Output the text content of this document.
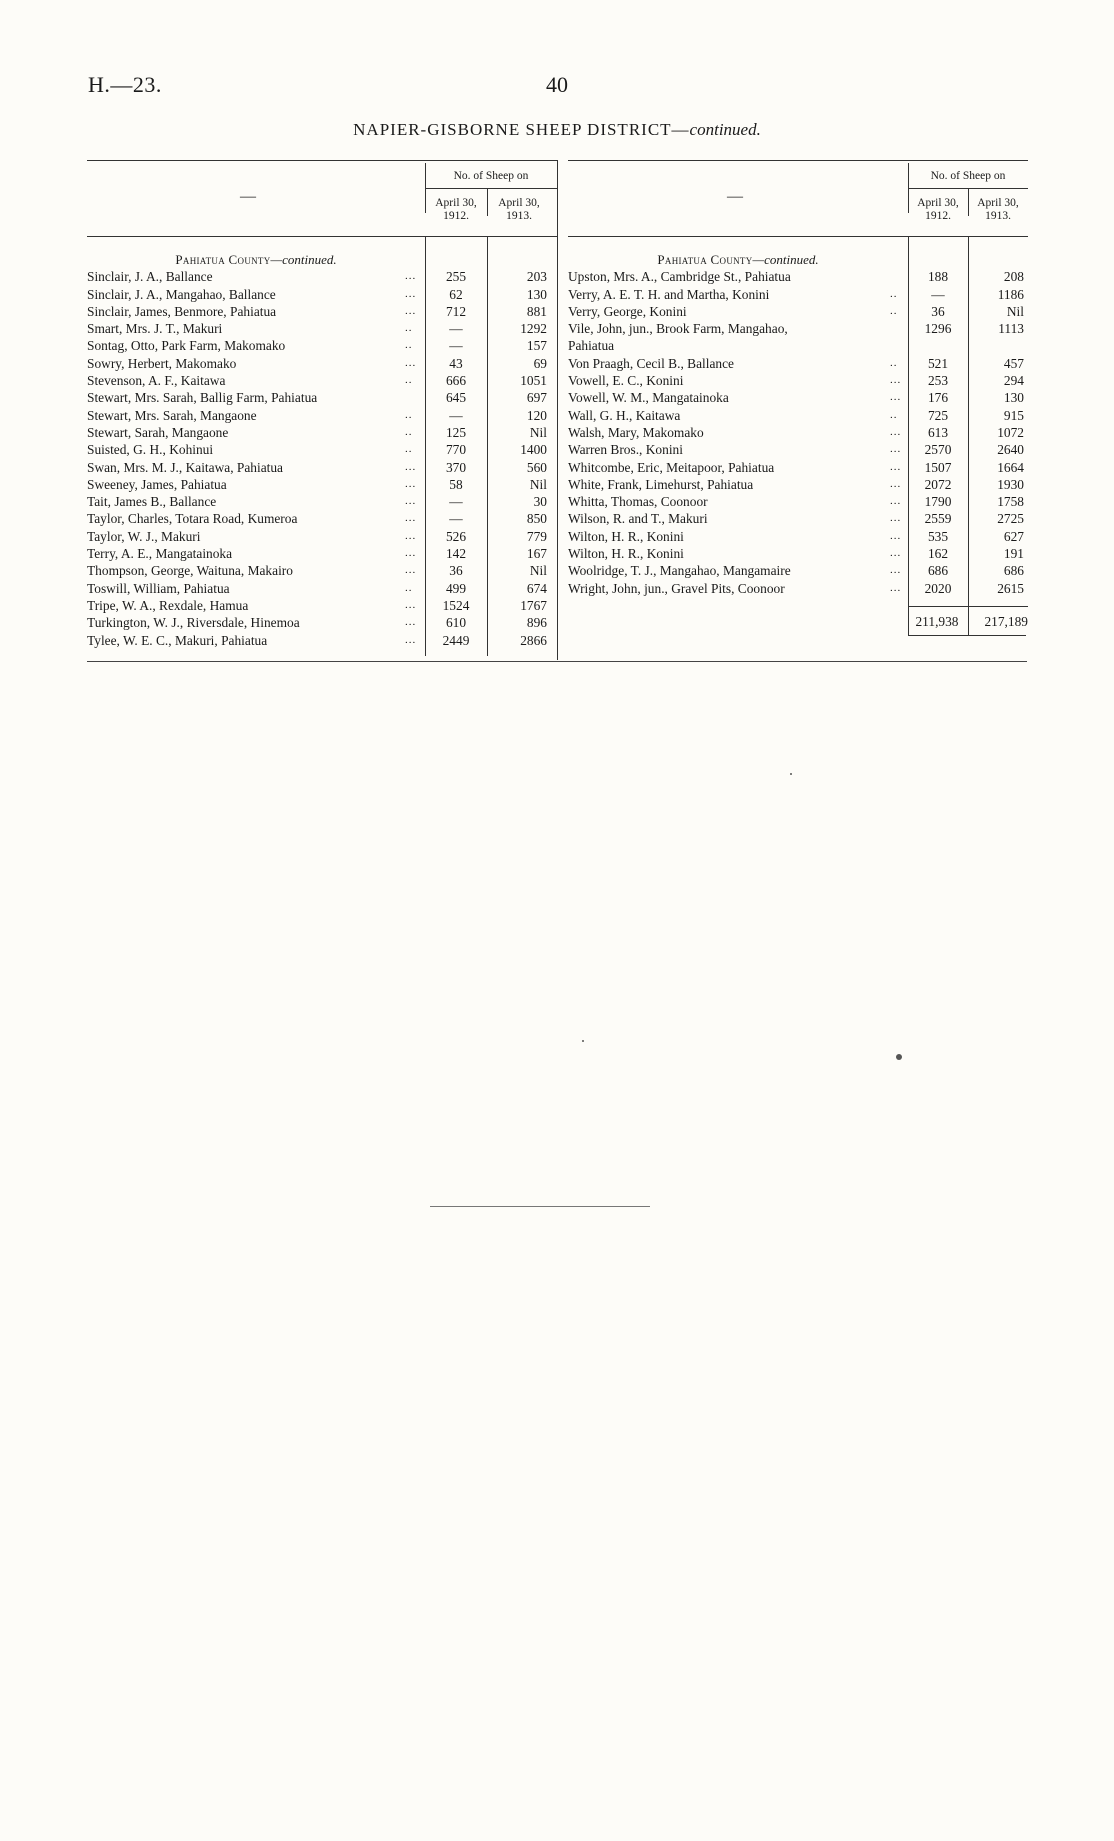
H.—23.	40
NAPIER-GISBORNE SHEEP DISTRICT—continued.
—
No. of Sheep on
April 30, 1912.
April 30, 1913.
Pahiatua County—continued.
Sinclair, J. A., Ballance	...	255	203
Sinclair, J. A., Mangahao, Ballance	...	62	130
Sinclair, James, Benmore, Pahiatua	...	712	881
Smart, Mrs. J. T., Makuri	..	—	1292
Sontag, Otto, Park Farm, Makomako	..	—	157
Sowry, Herbert, Makomako	...	43	69
Stevenson, A. F., Kaitawa	..	666	1051
Stewart, Mrs. Sarah, Ballig Farm, Pahiatua	645	697
Stewart, Mrs. Sarah, Mangaone	..	—	120
Stewart, Sarah, Mangaone	..	125	Nil
Suisted, G. H., Kohinui	..	770	1400
Swan, Mrs. M. J., Kaitawa, Pahiatua	...	370	560
Sweeney, James, Pahiatua	...	58	Nil
Tait, James B., Ballance	...	—	30
Taylor, Charles, Totara Road, Kumeroa	...	—	850
Taylor, W. J., Makuri	...	526	779
Terry, A. E., Mangatainoka	...	142	167
Thompson, George, Waituna, Makairo	...	36	Nil
Toswill, William, Pahiatua	..	499	674
Tripe, W. A., Rexdale, Hamua	...	1524	1767
Turkington, W. J., Riversdale, Hinemoa	...	610	896
Tylee, W. E. C., Makuri, Pahiatua	...	2449	2866
—
No. of Sheep on
April 30, 1912.
April 30, 1913.
Pahiatua County—continued.
Upston, Mrs. A., Cambridge St., Pahiatua	188	208
Verry, A. E. T. H. and Martha, Konini	..	—	1186
Verry, George, Konini	..	36	Nil
Vile, John, jun., Brook Farm, Mangahao,	1296	1113
Pahiatua
Von Praagh, Cecil B., Ballance	..	521	457
Vowell, E. C., Konini	...	253	294
Vowell, W. M., Mangatainoka	...	176	130
Wall, G. H., Kaitawa	..	725	915
Walsh, Mary, Makomako	...	613	1072
Warren Bros., Konini	...	2570	2640
Whitcombe, Eric, Meitapoor, Pahiatua	...	1507	1664
White, Frank, Limehurst, Pahiatua	...	2072	1930
Whitta, Thomas, Coonoor	...	1790	1758
Wilson, R. and T., Makuri	...	2559	2725
Wilton, H. R., Konini	...	535	627
Wilton, H. R., Konini	...	162	191
Woolridge, T. J., Mangahao, Mangamaire	...	686	686
Wright, John, jun., Gravel Pits, Coonoor	...	2020	2615
211,938	217,189
